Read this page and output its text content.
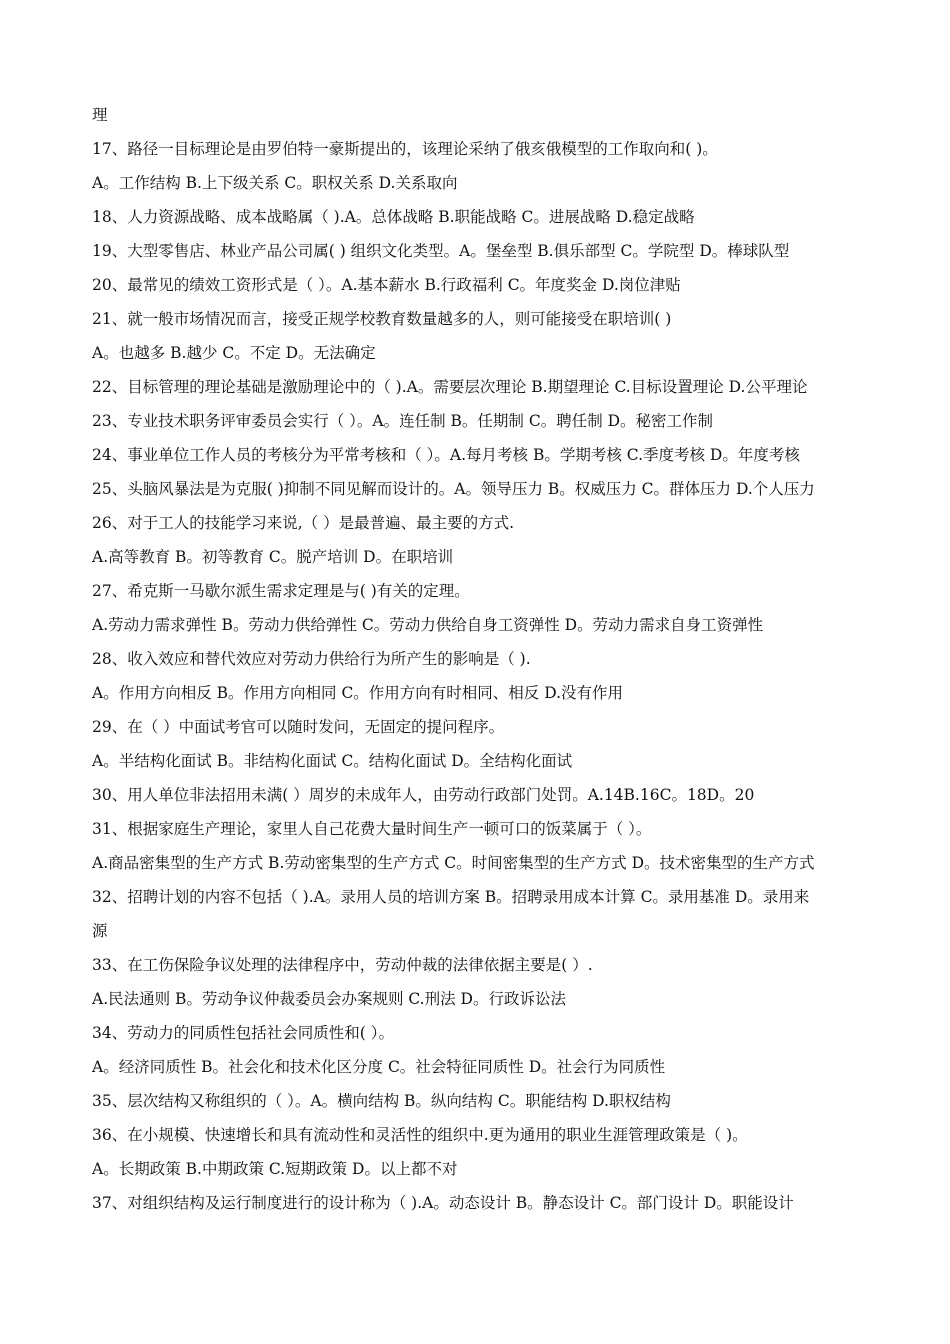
理
17、路径一目标理论是由罗伯特一豪斯提出的，该理论采纳了俄亥俄模型的工作取向和( )。
A。工作结构 B.上下级关系 C。职权关系 D.关系取向
18、人力资源战略、成本战略属（ ).A。总体战略 B.职能战略 C。进展战略 D.稳定战略
19、大型零售店、林业产品公司属( ) 组织文化类型。A。堡垒型 B.俱乐部型 C。学院型 D。棒球队型
20、最常见的绩效工资形式是（ ）。A.基本薪水 B.行政福利 C。年度奖金 D.岗位津贴
21、就一般市场情况而言，接受正规学校教育数量越多的人，则可能接受在职培训( )
A。也越多 B.越少 C。不定 D。无法确定
22、目标管理的理论基础是激励理论中的（ ).A。需要层次理论 B.期望理论 C.目标设置理论 D.公平理论
23、专业技术职务评审委员会实行（ ）。A。连任制 B。任期制 C。聘任制 D。秘密工作制
24、事业单位工作人员的考核分为平常考核和（ ）。A.每月考核 B。学期考核 C.季度考核 D。年度考核
25、头脑风暴法是为克服( )抑制不同见解而设计的。A。领导压力 B。权威压力 C。群体压力 D.个人压力
26、对于工人的技能学习来说,（ ）是最普遍、最主要的方式.
A.高等教育 B。初等教育 C。脱产培训 D。在职培训
27、希克斯一马歇尔派生需求定理是与( )有关的定理。
A.劳动力需求弹性 B。劳动力供给弹性 C。劳动力供给自身工资弹性 D。劳动力需求自身工资弹性
28、收入效应和替代效应对劳动力供给行为所产生的影响是（ ).
A。作用方向相反 B。作用方向相同 C。作用方向有时相同、相反 D.没有作用
29、在（ ）中面试考官可以随时发问，无固定的提问程序。
A。半结构化面试 B。非结构化面试 C。结构化面试 D。全结构化面试
30、用人单位非法招用未满( ）周岁的未成年人，由劳动行政部门处罚。A.14B.16C。18D。20
31、根据家庭生产理论，家里人自己花费大量时间生产一顿可口的饭菜属于（ ）。
A.商品密集型的生产方式 B.劳动密集型的生产方式 C。时间密集型的生产方式 D。技术密集型的生产方式
32、招聘计划的内容不包括（ ).A。录用人员的培训方案 B。招聘录用成本计算 C。录用基准 D。录用来
源
33、在工伤保险争议处理的法律程序中，劳动仲裁的法律依据主要是( ）.
A.民法通则 B。劳动争议仲裁委员会办案规则 C.刑法 D。行政诉讼法
34、劳动力的同质性包括社会同质性和( ）。
A。经济同质性 B。社会化和技术化区分度 C。社会特征同质性 D。社会行为同质性
35、层次结构又称组织的（ ）。A。横向结构 B。纵向结构 C。职能结构 D.职权结构
36、在小规模、快速增长和具有流动性和灵活性的组织中.更为通用的职业生涯管理政策是（ )。
A。长期政策 B.中期政策 C.短期政策 D。以上都不对
37、对组织结构及运行制度进行的设计称为（ ).A。动态设计 B。静态设计 C。部门设计 D。职能设计
